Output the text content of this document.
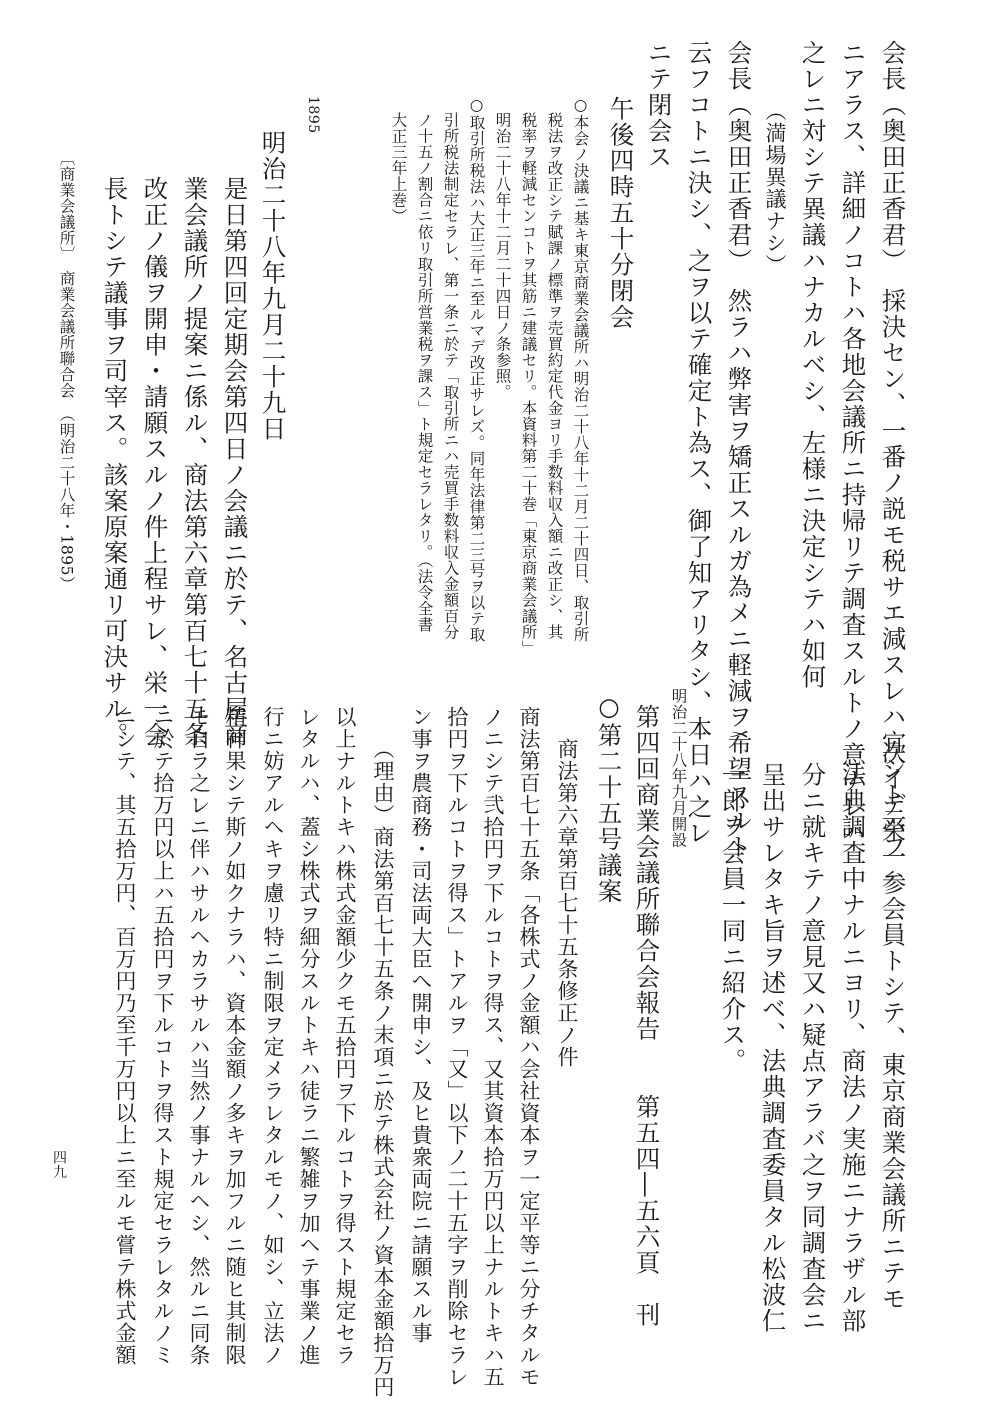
会長（奥田正香君）　採決セン、一番ノ説モ税サエ減スレハ宜シト云フ
ニアラス、詳細ノコトハ各地会議所ニ持帰リテ調査スルトノ意ナレハ
之レニ対シテ異議ハナカルベシ、左様ニ決定シテハ如何
（満場異議ナシ）
会長（奥田正香君）　然ラハ弊害ヲ矯正スルガ為メニ軽減ヲ希望スルト
云フコトニ決シ、之ヲ以テ確定ト為ス、御了知アリタシ、本日ハ之レ
ニテ閉会ス
午後四時五十分閉会
○本会ノ決議ニ基キ東京商業会議所ハ明治二十八年十二月二十四日、取引所
税法ヲ改正シテ賦課ノ標準ヲ売買約定代金ヨリ手数料収入額ニ改正シ、其
税率ヲ軽減センコトヲ其筋ニ建議セリ。本資料第二十巻「東京商業会議所」
明治二十八年十二月二十四日ノ条参照。
○取引所税法ハ大正三年ニ至ルマデ改正サレズ。同年法律第二三号ヲ以テ取
引所税法制定セラレ、第一条ニ於テ「取引所ニハ売買手数料収入金額百分
ノ十五ノ割合ニ依リ取引所営業税ヲ課ス」ト規定セラレタリ。（法令全書
大正三年上巻）
1895
明治二十八年九月二十九日
是日第四回定期会第四日ノ会議ニ於テ、名古屋商
業会議所ノ提案ニ係ル、商法第六章第百七十五条
改正ノ儀ヲ開申・請願スルノ件上程サレ、栄一会
長トシテ議事ヲ司宰ス。該案原案通リ可決サル。
〔商業会議所〕　商業会議所聯合会　（明治二十八年・1895）
次イデ栄一参会員トシテ、東京商業会議所ニテモ
法典調査中ナルニヨリ、商法ノ実施ニナラザル部
分ニ就キテノ意見又ハ疑点アラバ之ヲ同調査会ニ
呈出サレタキ旨ヲ述ベ、法典調査委員タル松波仁
一郎ヲ会員一同ニ紹介ス。
明治二十八年九月開設
第四回商業会議所聯合会報告　　第五四―五六頁　刊
○第二十五号議案
商法第六章第百七十五条修正ノ件
商法第百七十五条「各株式ノ金額ハ会社資本ヲ一定平等ニ分チタルモ
ノニシテ弐拾円ヲ下ルコトヲ得ス、又其資本拾万円以上ナルトキハ五
拾円ヲ下ルコトヲ得ス」トアルヲ「又」以下ノ二十五字ヲ削除セラレ
ン事ヲ農商務・司法両大臣へ開申シ、及ヒ貴衆両院ニ請願スル事
（理由）商法第百七十五条ノ末項ニ於テ株式会社ノ資本金額拾万円
以上ナルトキハ株式金額少クモ五拾円ヲ下ルコトヲ得スト規定セラ
レタルハ、蓋シ株式ヲ細分スルトキハ徒ラニ繁雑ヲ加ヘテ事業ノ進
行ニ妨アルヘキヲ慮リ特ニ制限ヲ定メラレタルモノ、如シ、立法ノ
精神果シテ斯ノ如クナラハ、資本金額ノ多キヲ加フルニ随ヒ其制限
モ自ラ之レニ伴ハサルヘカラサルハ当然ノ事ナルヘシ、然ルニ同条
ニ於テ拾万円以上ハ五拾円ヲ下ルコトヲ得スト規定セラレタルノミ
ニシテ、其五拾万円、百万円乃至千万円以上ニ至ルモ嘗テ株式金額
四九
